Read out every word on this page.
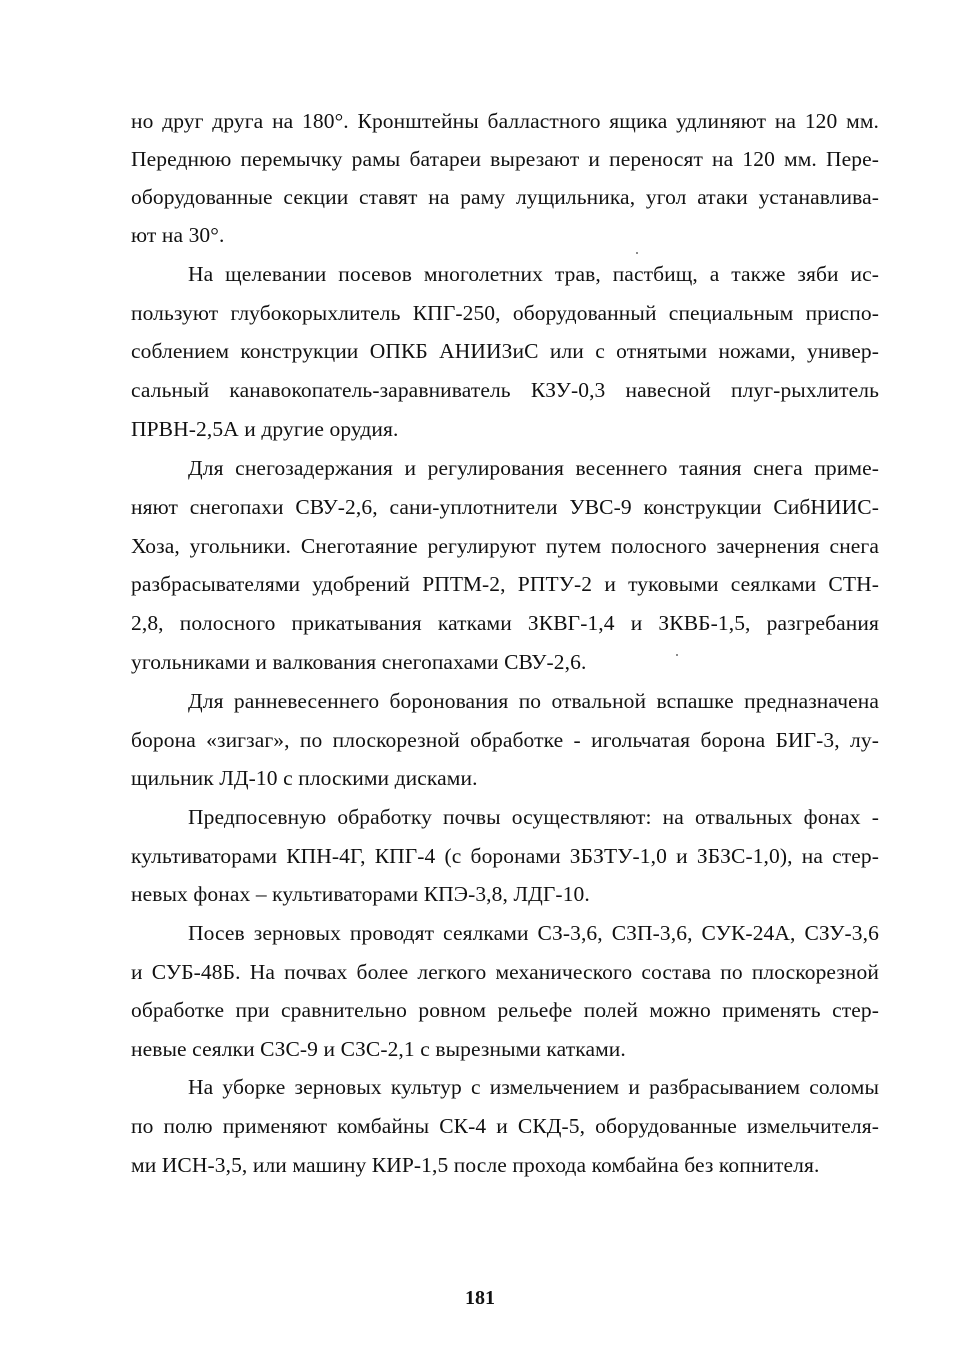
но друг друга на 180°. Кронштейны балластного ящика удлиняют на 120 мм.
Переднюю перемычку рамы батареи вырезают и переносят на 120 мм. Пере-
оборудованные секции ставят на раму лущильника, угол атаки устанавлива-
ют на 30°.
На щелевании посевов многолетних трав, пастбищ, а также зяби ис-
пользуют глубокорыхлитель КПГ-250, оборудованный специальным приспо-
соблением конструкции ОПКБ АНИИЗиС или с отнятыми ножами, универ-
сальный канавокопатель-заравниватель КЗУ-0,3 навесной плуг-рыхлитель
ПРВН-2,5А и другие орудия.
Для снегозадержания и регулирования весеннего таяния снега приме-
няют снегопахи СВУ-2,6, сани-уплотнители УВС-9 конструкции СибНИИС-
Хоза, угольники. Снеготаяние регулируют путем полосного зачернения снега
разбрасывателями удобрений РПТМ-2, РПТУ-2 и туковыми сеялками СТН-
2,8, полосного прикатывания катками ЗКВГ-1,4 и ЗКВБ-1,5, разгребания
угольниками и валкования снегопахами СВУ-2,6.
Для ранневесеннего боронования по отвальной вспашке предназначена
борона «зигзаг», по плоскорезной обработке - игольчатая борона БИГ-3, лу-
щильник ЛД-10 с плоскими дисками.
Предпосевную обработку почвы осуществляют: на отвальных фонах -
культиваторами КПН-4Г, КПГ-4 (с боронами ЗБЗТУ-1,0 и ЗБЗС-1,0), на стер-
невых фонах – культиваторами КПЭ-3,8, ЛДГ-10.
Посев зерновых проводят сеялками СЗ-3,6, СЗП-3,6, СУК-24А, СЗУ-3,6
и СУБ-48Б. На почвах более легкого механического состава по плоскорезной
обработке при сравнительно ровном рельефе полей можно применять стер-
невые сеялки СЗС-9 и СЗС-2,1 с вырезными катками.
На уборке зерновых культур с измельчением и разбрасыванием соломы
по полю применяют комбайны СК-4 и СКД-5, оборудованные измельчителя-
ми ИСН-3,5, или машину КИР-1,5 после прохода комбайна без копнителя.
181
